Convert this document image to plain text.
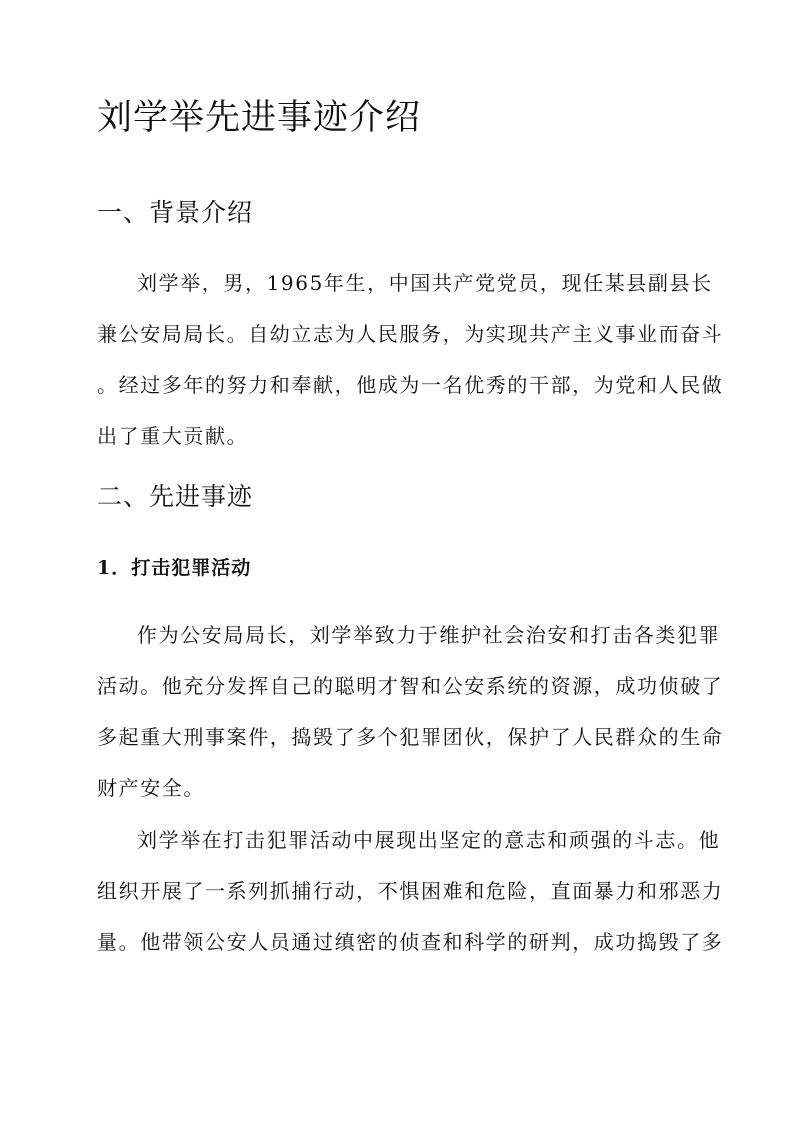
刘学举先进事迹介绍
一、背景介绍
刘学举，男，1965年生，中国共产党党员，现任某县副县长
兼公安局局长。自幼立志为人民服务，为实现共产主义事业而奋斗
。经过多年的努力和奉献，他成为一名优秀的干部，为党和人民做
出了重大贡献。
二、先进事迹
1．打击犯罪活动
作为公安局局长，刘学举致力于维护社会治安和打击各类犯罪
活动。他充分发挥自己的聪明才智和公安系统的资源，成功侦破了
多起重大刑事案件，捣毁了多个犯罪团伙，保护了人民群众的生命
财产安全。
刘学举在打击犯罪活动中展现出坚定的意志和顽强的斗志。他
组织开展了一系列抓捕行动，不惧困难和危险，直面暴力和邪恶力
量。他带领公安人员通过缜密的侦查和科学的研判，成功捣毁了多
